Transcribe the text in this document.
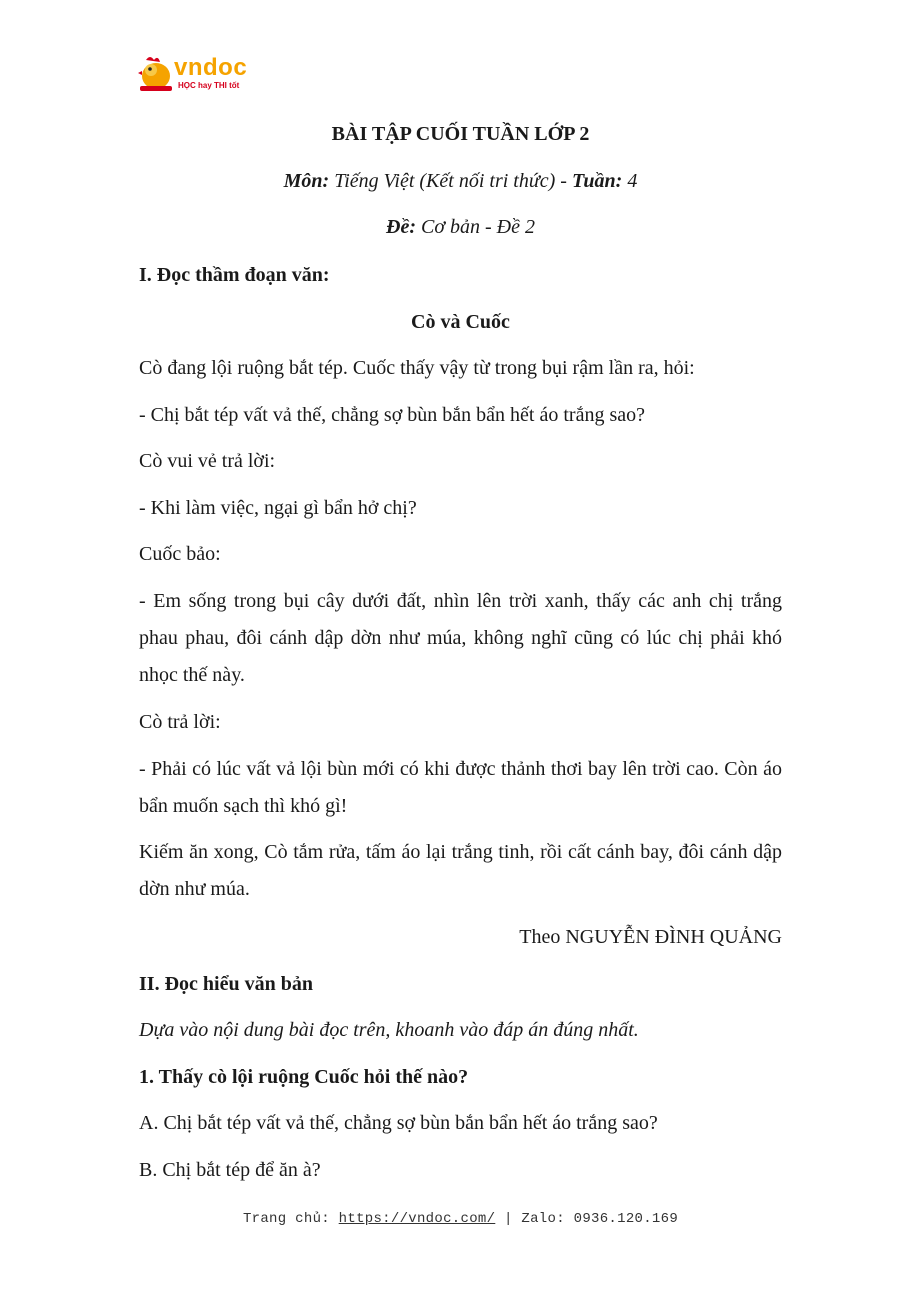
vndoc
HỌC hay THI tốt
BÀI TẬP CUỐI TUẦN LỚP 2
Môn: Tiếng Việt (Kết nối tri thức) - Tuần: 4
Đề: Cơ bản - Đề 2
I. Đọc thầm đoạn văn:
Cò và Cuốc
Cò đang lội ruộng bắt tép. Cuốc thấy vậy từ trong bụi rậm lần ra, hỏi:
- Chị bắt tép vất vả thế, chẳng sợ bùn bắn bẩn hết áo trắng sao?
Cò vui vẻ trả lời:
- Khi làm việc, ngại gì bẩn hở chị?
Cuốc bảo:
- Em sống trong bụi cây dưới đất, nhìn lên trời xanh, thấy các anh chị trắng phau phau, đôi cánh dập dờn như múa, không nghĩ cũng có lúc chị phải khó nhọc thế này.
Cò trả lời:
- Phải có lúc vất vả lội bùn mới có khi được thảnh thơi bay lên trời cao. Còn áo bẩn muốn sạch thì khó gì!
Kiếm ăn xong, Cò tắm rửa, tấm áo lại trắng tinh, rồi cất cánh bay, đôi cánh dập dờn như múa.
Theo NGUYỄN ĐÌNH QUẢNG
II. Đọc hiểu văn bản
Dựa vào nội dung bài đọc trên, khoanh vào đáp án đúng nhất.
1. Thấy cò lội ruộng Cuốc hỏi thế nào?
A. Chị bắt tép vất vả thế, chẳng sợ bùn bắn bẩn hết áo trắng sao?
B. Chị bắt tép để ăn à?
Trang chủ: https://vndoc.com/ | Zalo: 0936.120.169
